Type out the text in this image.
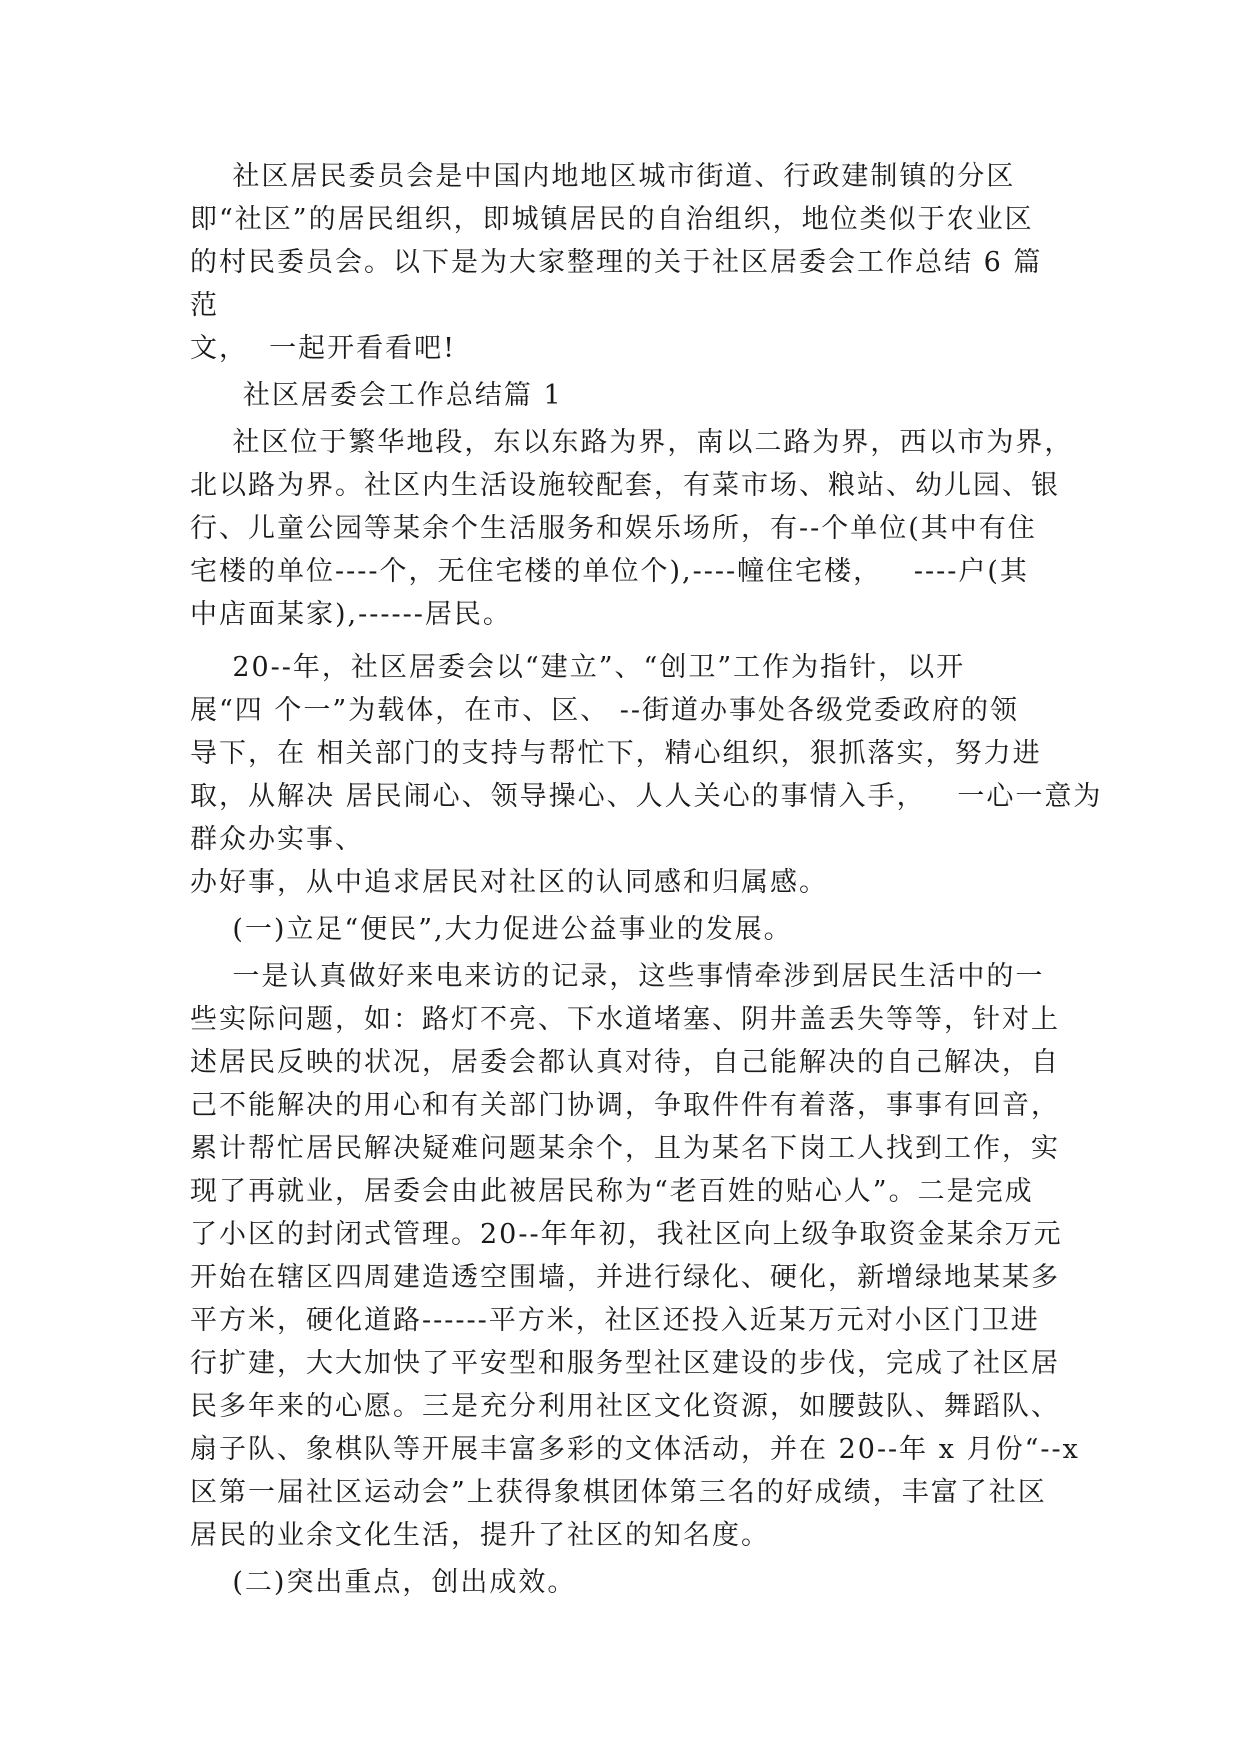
社区居民委员会是中国内地地区城市街道、行政建制镇的分区

即“社区”的居民组织，即城镇居民的自治组织，地位类似于农业区

的村民委员会。以下是为大家整理的关于社区居委会工作总结 6 篇

范

文，  一起开看看吧!

社区居委会工作总结篇 1

社区位于繁华地段，东以东路为界，南以二路为界，西以市为界，

北以路为界。社区内生活设施较配套，有菜市场、粮站、幼儿园、银

行、儿童公园等某余个生活服务和娱乐场所，有--个单位(其中有住

宅楼的单位----个，无住宅楼的单位个),----幢住宅楼，   ----户(其

中店面某家),------居民。

20--年，社区居委会以“建立”、“创卫”工作为指针，以开

展“四 个一”为载体，在市、区、 --街道办事处各级党委政府的领

导下，在 相关部门的支持与帮忙下，精心组织，狠抓落实，努力进

取，从解决 居民闹心、领导操心、人人关心的事情入手，   一心一意为

群众办实事、

办好事，从中追求居民对社区的认同感和归属感。

(一)立足“便民”,大力促进公益事业的发展。

一是认真做好来电来访的记录，这些事情牵涉到居民生活中的一

些实际问题，如：路灯不亮、下水道堵塞、阴井盖丢失等等，针对上

述居民反映的状况，居委会都认真对待，自己能解决的自己解决，自

己不能解决的用心和有关部门协调，争取件件有着落，事事有回音，

累计帮忙居民解决疑难问题某余个，且为某名下岗工人找到工作，实

现了再就业，居委会由此被居民称为“老百姓的贴心人”。二是完成

了小区的封闭式管理。20--年年初，我社区向上级争取资金某余万元

开始在辖区四周建造透空围墙，并进行绿化、硬化，新增绿地某某多

平方米，硬化道路------平方米，社区还投入近某万元对小区门卫进

行扩建，大大加快了平安型和服务型社区建设的步伐，完成了社区居

民多年来的心愿。三是充分利用社区文化资源，如腰鼓队、舞蹈队、

扇子队、象棋队等开展丰富多彩的文体活动，并在 20--年 x 月份“--x

区第一届社区运动会”上获得象棋团体第三名的好成绩，丰富了社区

居民的业余文化生活，提升了社区的知名度。

(二)突出重点，创出成效。
